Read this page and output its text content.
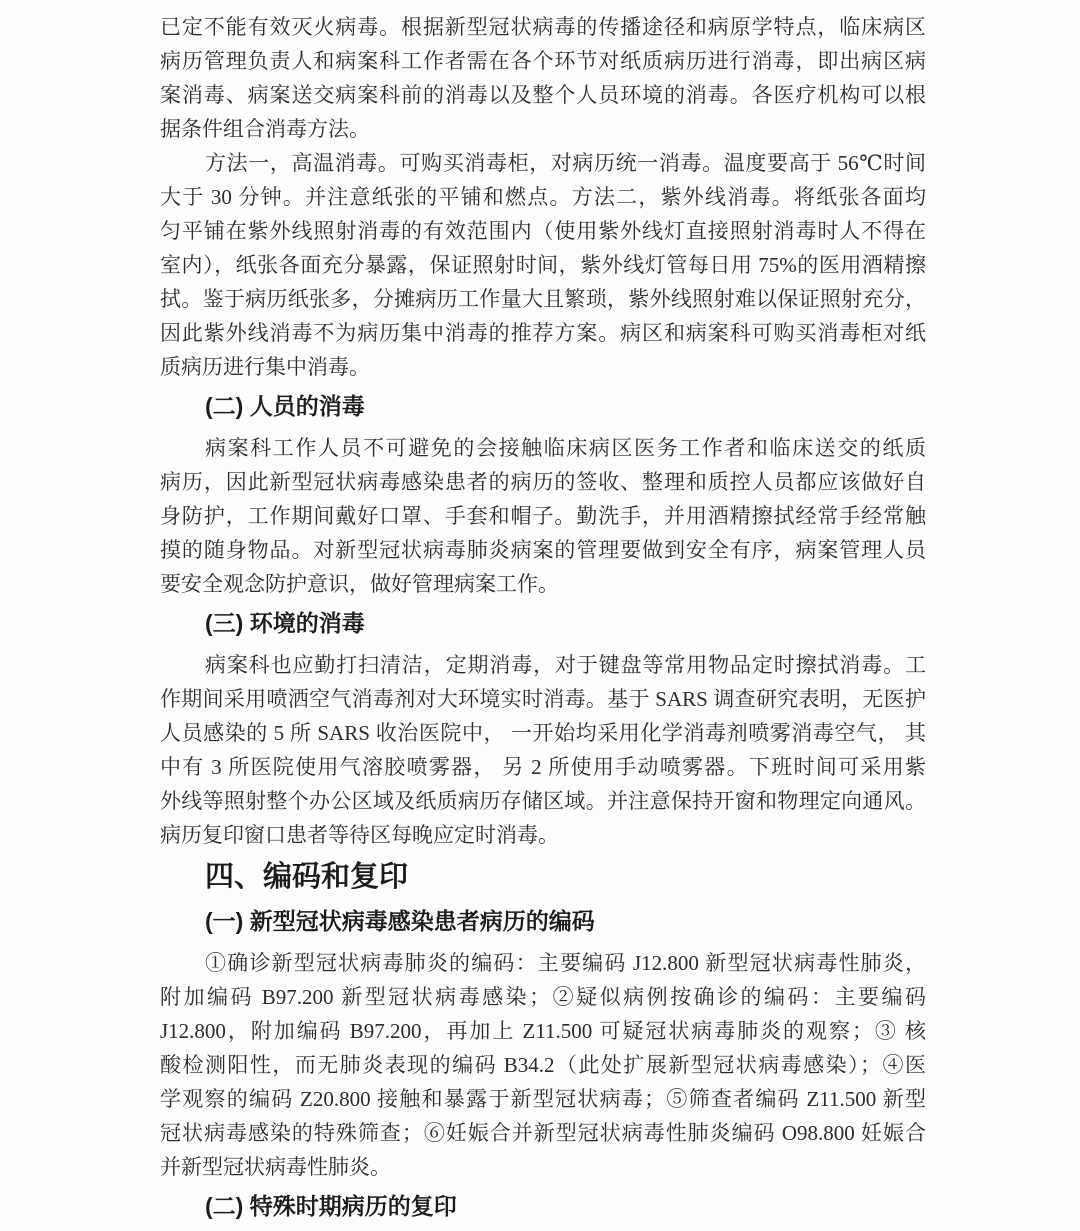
已定不能有效灭火病毒。根据新型冠状病毒的传播途径和病原学特点，临床病区
病历管理负责人和病案科工作者需在各个环节对纸质病历进行消毒，即出病区病
案消毒、病案送交病案科前的消毒以及整个人员环境的消毒。各医疗机构可以根
据条件组合消毒方法。
方法一，高温消毒。可购买消毒柜，对病历统一消毒。温度要高于 56℃时间
大于 30 分钟。并注意纸张的平铺和燃点。方法二，紫外线消毒。将纸张各面均
匀平铺在紫外线照射消毒的有效范围内（使用紫外线灯直接照射消毒时人不得在
室内），纸张各面充分暴露，保证照射时间，紫外线灯管每日用 75%的医用酒精擦
拭。鉴于病历纸张多，分摊病历工作量大且繁琐，紫外线照射难以保证照射充分，
因此紫外线消毒不为病历集中消毒的推荐方案。病区和病案科可购买消毒柜对纸
质病历进行集中消毒。
(二) 人员的消毒
病案科工作人员不可避免的会接触临床病区医务工作者和临床送交的纸质
病历，因此新型冠状病毒感染患者的病历的签收、整理和质控人员都应该做好自
身防护，工作期间戴好口罩、手套和帽子。勤洗手，并用酒精擦拭经常手经常触
摸的随身物品。对新型冠状病毒肺炎病案的管理要做到安全有序，病案管理人员
要安全观念防护意识，做好管理病案工作。
(三) 环境的消毒
病案科也应勤打扫清洁，定期消毒，对于键盘等常用物品定时擦拭消毒。工
作期间采用喷洒空气消毒剂对大环境实时消毒。基于 SARS 调查研究表明，无医护
人员感染的 5 所 SARS 收治医院中， 一开始均采用化学消毒剂喷雾消毒空气， 其
中有 3 所医院使用气溶胶喷雾器， 另 2 所使用手动喷雾器。下班时间可采用紫
外线等照射整个办公区域及纸质病历存储区域。并注意保持开窗和物理定向通风。
病历复印窗口患者等待区每晚应定时消毒。
四、编码和复印
(一) 新型冠状病毒感染患者病历的编码
①确诊新型冠状病毒肺炎的编码：主要编码 J12.800 新型冠状病毒性肺炎，
附加编码 B97.200 新型冠状病毒感染；②疑似病例按确诊的编码：主要编码
J12.800，附加编码 B97.200，再加上 Z11.500 可疑冠状病毒肺炎的观察；③ 核
酸检测阳性，而无肺炎表现的编码 B34.2（此处扩展新型冠状病毒感染）；④医
学观察的编码 Z20.800 接触和暴露于新型冠状病毒；⑤筛查者编码 Z11.500 新型
冠状病毒感染的特殊筛查；⑥妊娠合并新型冠状病毒性肺炎编码 O98.800 妊娠合
并新型冠状病毒性肺炎。
(二) 特殊时期病历的复印
